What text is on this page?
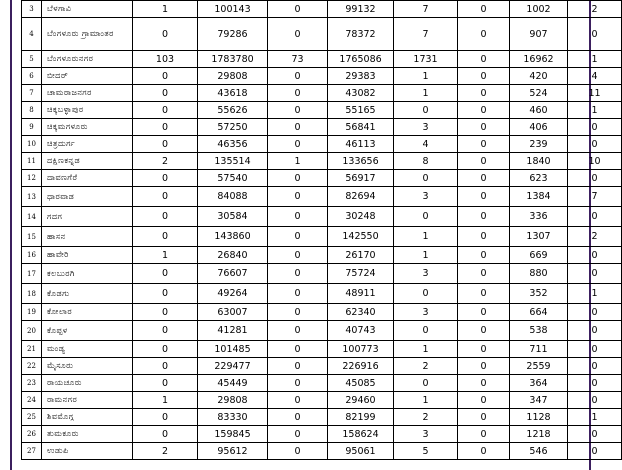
3	ಬೆಳಗಾವಿ	1	100143	0	99132	7	0	1002	2
4	ಬೆಂಗಳೂರು ಗ್ರಾಮಾಂತರ	0	79286	0	78372	7	0	907	0
5	ಬೆಂಗಳೂರುನಗರ	103	1783780	73	1765086	1731	0	16962	1
6	ಬೀದರ್	0	29808	0	29383	1	0	420	4
7	ಚಾಮರಾಜನಗರ	0	43618	0	43082	1	0	524	11
8	ಚಿಕ್ಕಬಳ್ಳಾಪುರ	0	55626	0	55165	0	0	460	1
9	ಚಿಕ್ಕಮಗಳೂರು	0	57250	0	56841	3	0	406	0
10	ಚಿತ್ರದುರ್ಗ	0	46356	0	46113	4	0	239	0
11	ದಕ್ಷಿಣಕನ್ನಡ	2	135514	1	133656	8	0	1840	10
12	ದಾವಣಗೆರೆ	0	57540	0	56917	0	0	623	0
13	ಧಾರವಾಡ	0	84088	0	82694	3	0	1384	7
14	ಗದಗ	0	30584	0	30248	0	0	336	0
15	ಹಾಸನ	0	143860	0	142550	1	0	1307	2
16	ಹಾವೇರಿ	1	26840	0	26170	1	0	669	0
17	ಕಲಬುರಗಿ	0	76607	0	75724	3	0	880	0
18	ಕೊಡಗು	0	49264	0	48911	0	0	352	1
19	ಕೋಲಾರ	0	63007	0	62340	3	0	664	0
20	ಕೊಪ್ಪಳ	0	41281	0	40743	0	0	538	0
21	ಮಂಡ್ಯ	0	101485	0	100773	1	0	711	0
22	ಮೈಸೂರು	0	229477	0	226916	2	0	2559	0
23	ರಾಯಚೂರು	0	45449	0	45085	0	0	364	0
24	ರಾಮನಗರ	1	29808	0	29460	1	0	347	0
25	ಶಿವಮೊಗ್ಗ	0	83330	0	82199	2	0	1128	1
26	ತುಮಕೂರು	0	159845	0	158624	3	0	1218	0
27	ಉಡುಪಿ	2	95612	0	95061	5	0	546	0
